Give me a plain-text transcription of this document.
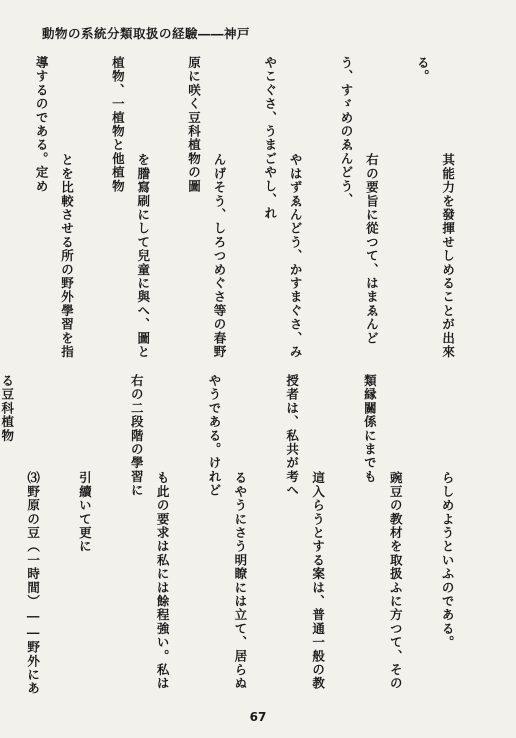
動物の系統分類取扱の経驗――神戸

其能力を發揮せしめることが出來る。

右の要旨に從つて、はまゑんどう、すゞめのゑんどう、

やはずゑんどう、かすまぐさ、みやこぐさ、うまごやし、れ

んげそう、しろつめぐさ等の春野原に咲く豆科植物の圖

を謄寫刷にして兒童に與へ、圖と植物、一植物と他植物

とを比較させる所の野外學習を指導するのである。定め

らしめようといふのである。

豌豆の教材を取扱ふに方つて、その類縁關係にまでも

這入らうとする案は、普通一般の教授者は、私共が考へ

るやうにさう明瞭には立て、居らぬやうである。けれど

も此の要求は私には餘程強い。私は右の二段階の學習に

引續いて更に

⑶野原の豆（一時間）――野外にある豆科植物

67
